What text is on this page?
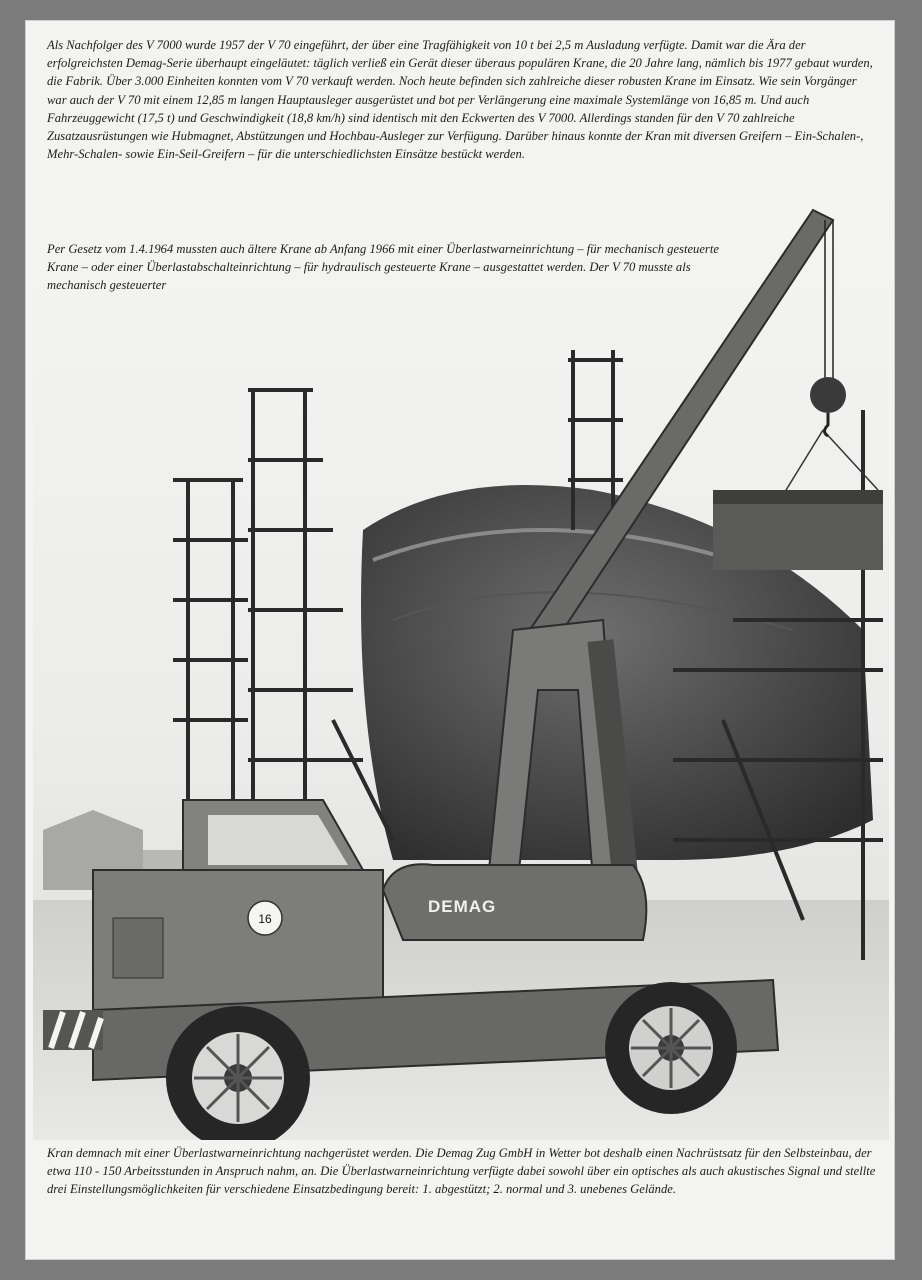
16
DEMAG

Als Nachfolger des V 7000 wurde 1957 der V 70 eingeführt, der über eine Tragfähigkeit von 10 t bei 2,5 m Ausladung verfügte. Damit war die Ära der erfolgreichsten Demag-Serie überhaupt eingeläutet: täglich verließ ein Gerät dieser überaus populären Krane, die 20 Jahre lang, nämlich bis 1977 gebaut wurden, die Fabrik. Über 3.000 Einheiten konnten vom V 70 verkauft werden. Noch heute befinden sich zahlreiche dieser robusten Krane im Einsatz. Wie sein Vorgänger war auch der V 70 mit einem 12,85 m langen Hauptausleger ausgerüstet und bot per Verlängerung eine maximale Systemlänge von 16,85 m. Und auch Fahrzeuggewicht (17,5 t) und Geschwindigkeit (18,8 km/h) sind identisch mit den Eckwerten des V 7000. Allerdings standen für den V 70 zahlreiche Zusatzausrüstungen wie Hubmagnet, Abstützungen und Hochbau-Ausleger zur Verfügung. Darüber hinaus konnte der Kran mit diversen Greifern – Ein-Schalen-, Mehr-Schalen- sowie Ein-Seil-Greifern – für die unterschiedlichsten Einsätze bestückt werden.

Per Gesetz vom 1.4.1964 mussten auch ältere Krane ab Anfang 1966 mit einer Überlastwarneinrichtung – für mechanisch gesteuerte Krane – oder einer Überlastabschalteinrichtung – für hydraulisch gesteuerte Krane – ausgestattet werden. Der V 70 musste als mechanisch gesteuerter

Kran demnach mit einer Überlastwarneinrichtung nachgerüstet werden. Die Demag Zug GmbH in Wetter bot deshalb einen Nachrüstsatz für den Selbsteinbau, der etwa 110 - 150 Arbeitsstunden in Anspruch nahm, an. Die Überlastwarneinrichtung verfügte dabei sowohl über ein optisches als auch akustisches Signal und stellte drei Einstellungsmöglichkeiten für verschiedene Einsatzbedingung bereit: 1. abgestützt; 2. normal und 3. unebenes Gelände.
